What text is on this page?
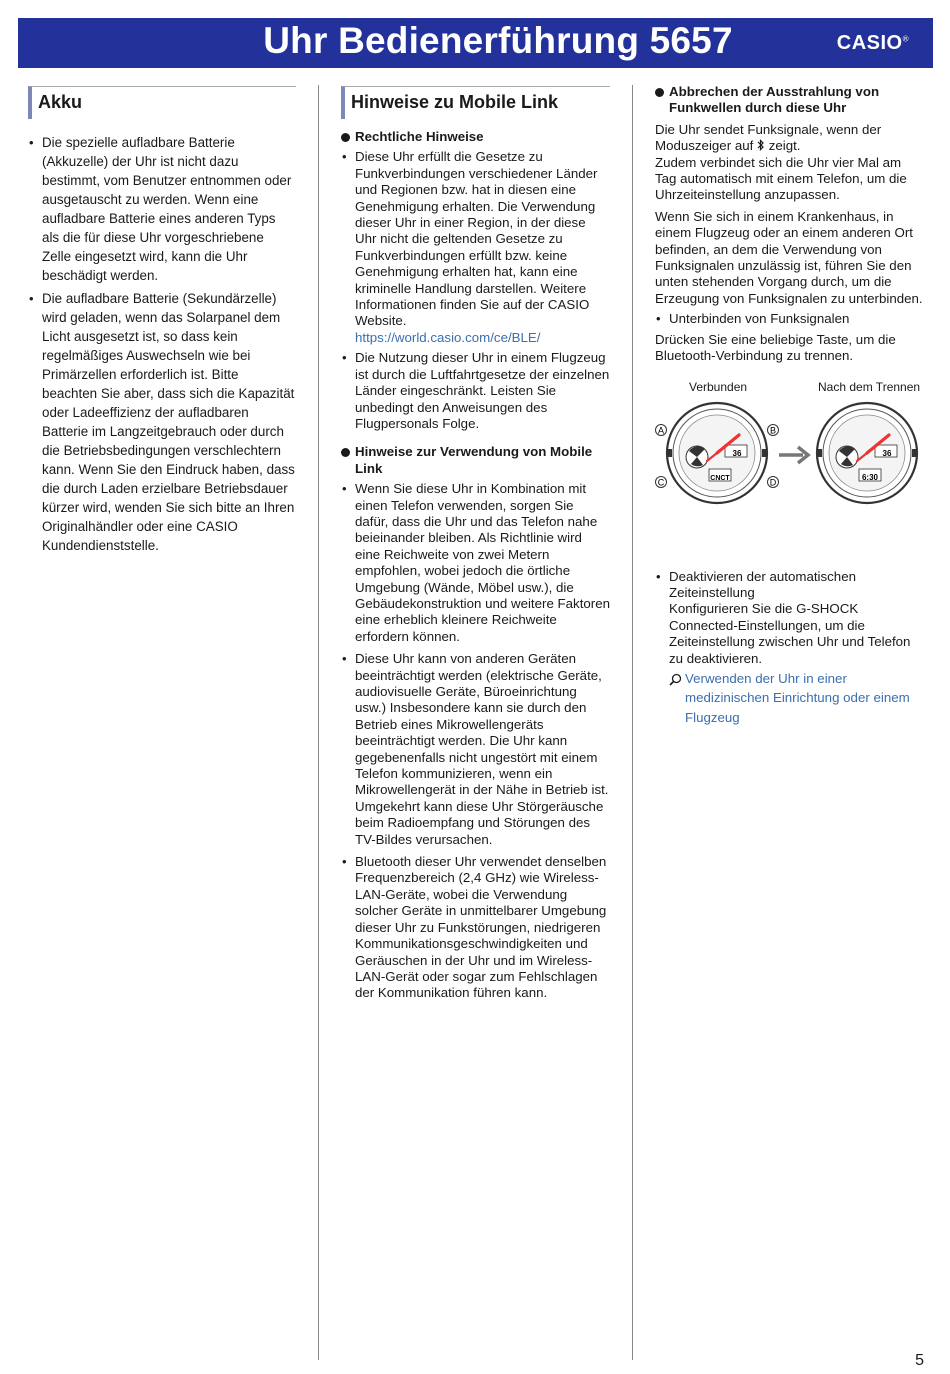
Uhr Bedienerführung 5657	CASIO®
Akku
• Die spezielle aufladbare Batterie (Akkuzelle) der Uhr ist nicht dazu bestimmt, vom Benutzer entnommen oder ausgetauscht zu werden. Wenn eine aufladbare Batterie eines anderen Typs als die für diese Uhr vorgeschriebene Zelle eingesetzt wird, kann die Uhr beschädigt werden.
• Die aufladbare Batterie (Sekundärzelle) wird geladen, wenn das Solarpanel dem Licht ausgesetzt ist, so dass kein regelmäßiges Auswechseln wie bei Primärzellen erforderlich ist. Bitte beachten Sie aber, dass sich die Kapazität oder Ladeeffizienz der aufladbaren Batterie im Langzeitgebrauch oder durch die Betriebsbedingungen verschlechtern kann. Wenn Sie den Eindruck haben, dass die durch Laden erzielbare Betriebsdauer kürzer wird, wenden Sie sich bitte an Ihren Originalhändler oder eine CASIO Kundendienststelle.
Hinweise zu Mobile Link
Rechtliche Hinweise
• Diese Uhr erfüllt die Gesetze zu Funkverbindungen verschiedener Länder und Regionen bzw. hat in diesen eine Genehmigung erhalten. Die Verwendung dieser Uhr in einer Region, in der diese Uhr nicht die geltenden Gesetze zu Funkverbindungen erfüllt bzw. keine Genehmigung erhalten hat, kann eine kriminelle Handlung darstellen. Weitere Informationen finden Sie auf der CASIO Website.
https://world.casio.com/ce/BLE/
• Die Nutzung dieser Uhr in einem Flugzeug ist durch die Luftfahrtgesetze der einzelnen Länder eingeschränkt. Leisten Sie unbedingt den Anweisungen des Flugpersonals Folge.
Hinweise zur Verwendung von Mobile Link
• Wenn Sie diese Uhr in Kombination mit einen Telefon verwenden, sorgen Sie dafür, dass die Uhr und das Telefon nahe beieinander bleiben. Als Richtlinie wird eine Reichweite von zwei Metern empfohlen, wobei jedoch die örtliche Umgebung (Wände, Möbel usw.), die Gebäudekonstruktion und weitere Faktoren eine erheblich kleinere Reichweite erfordern können.
• Diese Uhr kann von anderen Geräten beeinträchtigt werden (elektrische Geräte, audiovisuelle Geräte, Büroeinrichtung usw.) Insbesondere kann sie durch den Betrieb eines Mikrowellengeräts beeinträchtigt werden. Die Uhr kann gegebenenfalls nicht ungestört mit einem Telefon kommunizieren, wenn ein Mikrowellengerät in der Nähe in Betrieb ist. Umgekehrt kann diese Uhr Störgeräusche beim Radioempfang und Störungen des TV-Bildes verursachen.
• Bluetooth dieser Uhr verwendet denselben Frequenzbereich (2,4 GHz) wie Wireless-LAN-Geräte, wobei die Verwendung solcher Geräte in unmittelbarer Umgebung dieser Uhr zu Funkstörungen, niedrigeren Kommunikationsgeschwindigkeiten und Geräuschen in der Uhr und im Wireless-LAN-Gerät oder sogar zum Fehlschlagen der Kommunikation führen kann.
Abbrechen der Ausstrahlung von Funkwellen durch diese Uhr

Die Uhr sendet Funksignale, wenn der Moduszeiger auf zeigt.
Zudem verbindet sich die Uhr vier Mal am Tag automatisch mit einem Telefon, um die Uhrzeiteinstellung anzupassen.

Wenn Sie sich in einem Krankenhaus, in einem Flugzeug oder an einem anderen Ort befinden, an dem die Verwendung von Funksignalen unzulässig ist, führen Sie den unten stehenden Vorgang durch, um die Erzeugung von Funksignalen zu unterbinden.

• Unterbinden von Funksignalen

Drücken Sie eine beliebige Taste, um die Bluetooth-Verbindung zu trennen.

Verbunden	Nach dem Trennen
A	B
C	D
36
CNCT
36
6:30
• Deaktivieren der automatischen Zeiteinstellung
Konfigurieren Sie die G-SHOCK Connected-Einstellungen, um die Zeiteinstellung zwischen Uhr und Telefon zu deaktivieren.
Verwenden der Uhr in einer medizinischen Einrichtung oder einem Flugzeug
5
